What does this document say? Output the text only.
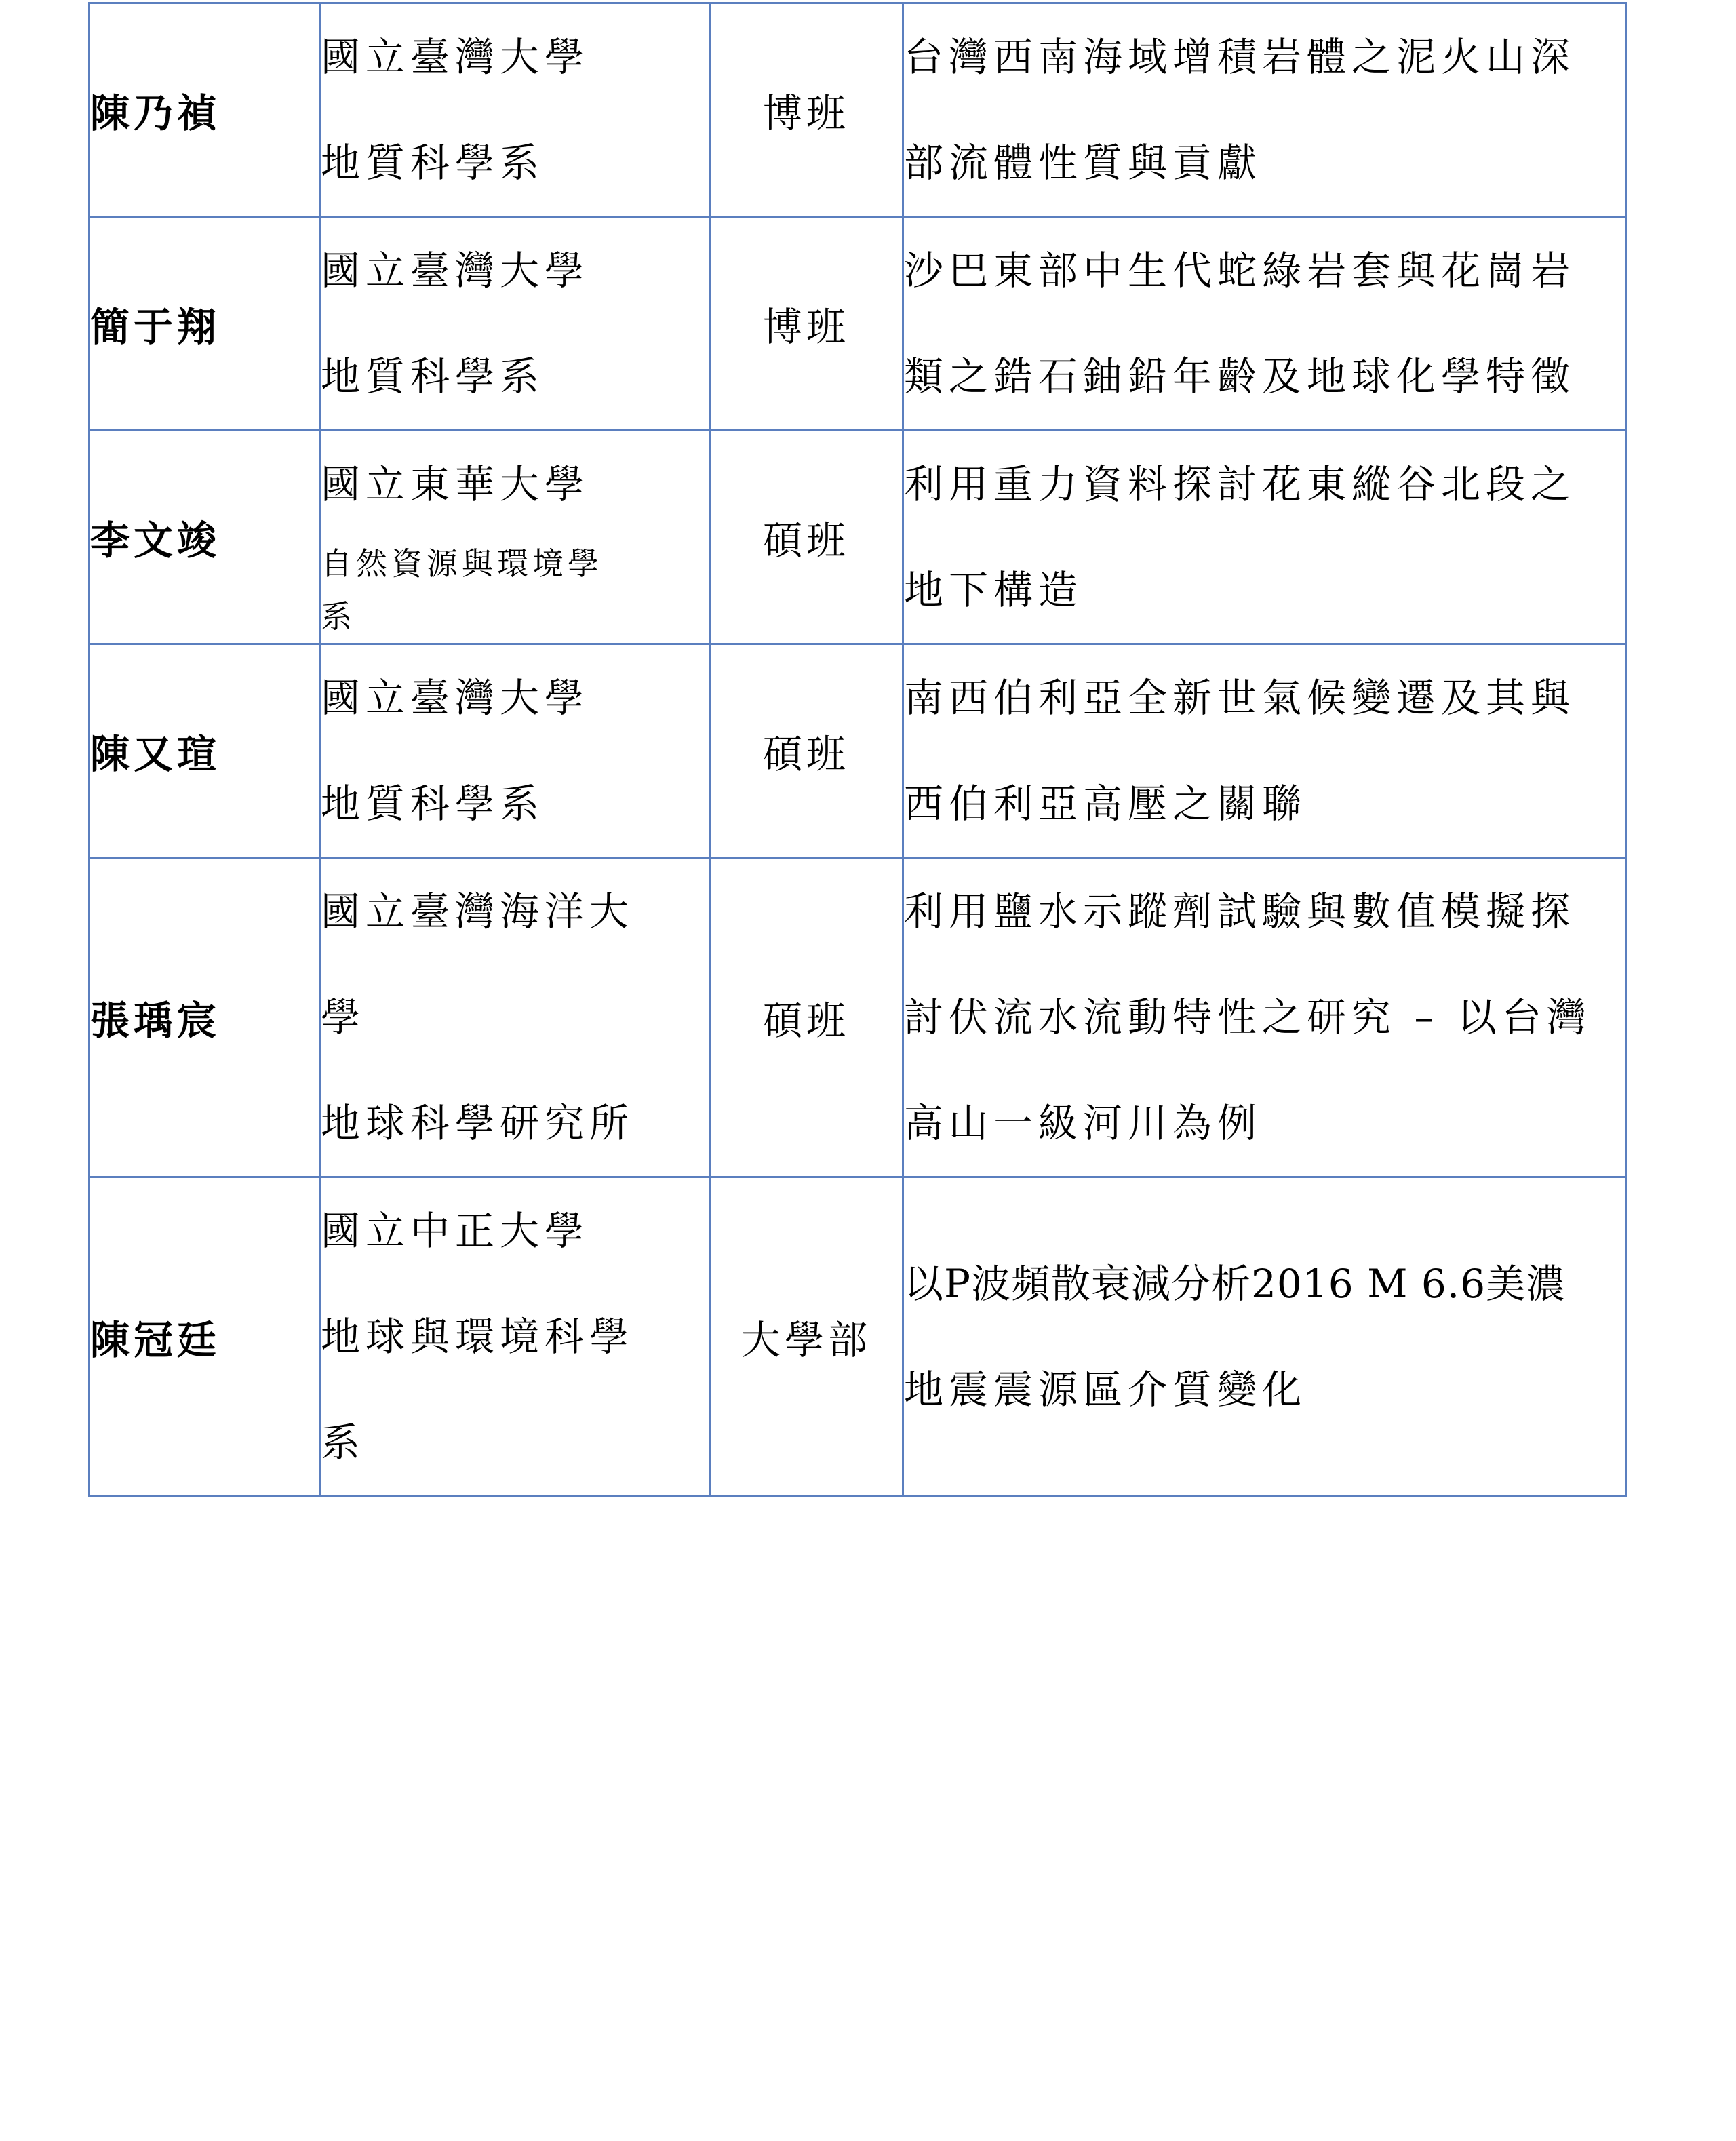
陳乃禎	國立臺灣大學
地質科學系	博班	台灣西南海域增積岩體之泥火山深
部流體性質與貢獻

簡于翔	國立臺灣大學
地質科學系	博班	沙巴東部中生代蛇綠岩套與花崗岩
類之鋯石鈾鉛年齡及地球化學特徵

李文竣	國立東華大學
自然資源與環境學
系	碩班	利用重力資料探討花東縱谷北段之
地下構造

陳又瑄	國立臺灣大學
地質科學系	碩班	南西伯利亞全新世氣候變遷及其與
西伯利亞高壓之關聯

張瑀宸	國立臺灣海洋大
學
地球科學研究所	碩班	利用鹽水示蹤劑試驗與數值模擬探
討伏流水流動特性之研究 – 以台灣
高山一級河川為例

陳冠廷	國立中正大學
地球與環境科學
系	大學部	以P波頻散衰減分析2016 M 6.6美濃
地震震源區介質變化
